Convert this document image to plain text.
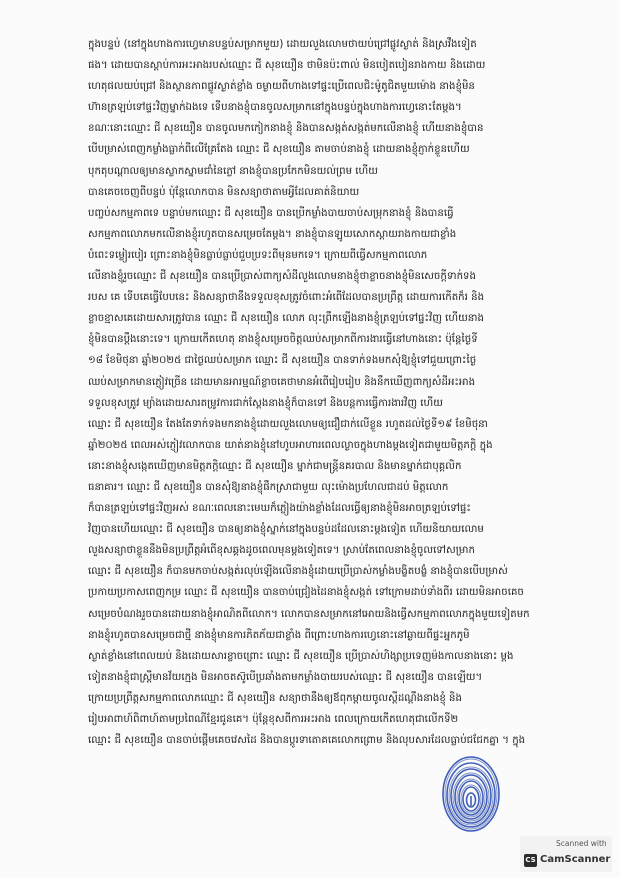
ក្នុងបន្ទប់ (នៅក្នុងហាងការហ្វេមានបន្ទប់សម្រាកមួយ) ដោយលួងលោមថាយប់ជ្រៅផ្លូវស្ងាត់ និងស្រវឹងទៀត
ផង។ ដោយបានស្តាប់ការអះអាងរបស់ឈ្មោះ ជី សុខយឿន ថាមិនប៉ះពាល់ មិនបៀតបៀនរាងកាយ និងដោយ
ហេតុផលយប់ជ្រៅ និងស្ថានភាពផ្លូវស្ងាត់ខ្លាំង ចម្ងាយពីហាងទៅផ្ទះប្រើពេលជិះម៉ូតូជិតមួយម៉ោង នាងខ្ញុំមិន
ហ៊ានត្រឡប់ទៅផ្ទះវិញម្នាក់ឯងទេ ទើបនាងខ្ញុំបានចូលសម្រាកនៅក្នុងបន្ទប់ក្នុងហាងការហ្វេនោះតែម្តង។
ខណៈនោះឈ្មោះ ជី សុខយឿន បានចូលមកកៀកនាងខ្ញុំ និងបានសង្កត់សង្កត់មកលើនាងខ្ញុំ ហើយនាងខ្ញុំបាន
បើបម្រាស់ពេញកម្លាំងធ្លាក់ពីលើគ្រែតែង ឈ្មោះ ជី សុខយឿន តាមចាប់នាងខ្ញុំ ដោយនាងខ្ញុំភ្ញាក់ខ្លួនហើយ
បុកតុបណ្តាលឲ្យមានស្លាកស្នាមជាំនៃភ្លៅ នាងខ្ញុំបានប្រកែកមិនយល់ព្រម ហើយ
បានគេចចេញពីបន្ទប់ ប៉ុន្តែលោកបាន មិនសន្យាថាតាមអ្វីដែលគាត់និយាយ
បញ្ចប់សកម្មភាពទេ បន្ទាប់មកឈ្មោះ ជី សុខយឿន បានប្រើកម្លាំងបាយចាប់សម្រុកនាងខ្ញុំ និងបានធ្វើ
សកម្មភាពលោភមកលើនាងខ្ញុំរហូតបានសម្រេចតែម្តង។ នាងខ្ញុំបានឡូយសោកស្តាយរាងកាយជាខ្លាំង
បំពេះទម្លៀរបៀរ ព្រោះនាងខ្ញុំមិនធ្លាប់ធ្លាប់ជួបប្រទះពីមុនមកទេ។ ក្រោយពីធ្វើសកម្មភាពលោភ
លើនាងខ្ញុំរួចឈ្មោះ ជី សុខយឿន បានប្រើប្រាស់ពាក្យសំដីលួងលោមនាងខ្ញុំថាខ្លាចនាងខ្ញុំមិនសេចក្តីទាក់ទង
របស គេ ទើបគេធ្វើបែបនេះ និងសន្យាថានឹងទទួលខុសត្រូវចំពោះអំពើដែលបានប្រព្រឹត្ត ដោយការកើតក៏រ និង
ខ្លាចខ្មាសគេដោយសារត្រូវបាន ឈ្មោះ ជី សុខយឿន លោភ លុះព្រឹកឡើងនាងខ្ញុំត្រឡប់ទៅផ្ទះវិញ ហើយនាង
ខ្ញុំមិនបានប្តឹងនោះទេ។ ក្រោយកើតហេតុ នាងខ្ញុំសម្រេចចិត្តឈប់សម្រាកពីការងារធ្វើនៅហាងនោះ ប៉ុន្តែថ្ងៃទី
១៨ ខែមិថុនា ឆ្នាំ២០២៥ ជាថ្ងៃឈប់សម្រាក ឈ្មោះ ជី សុខយឿន បានទាក់ទងមកសុំឱ្យខ្ញុំទៅជួយព្រោះថ្ងៃ
ឈប់សម្រាកមានភ្ញៀវច្រើន ដោយមានអារម្មណ៍ខ្លាចគេថាមានអំពើរៀបរៀប និងនឹកឃើញពាក្យសំដីអះអាង
ទទួលខុសត្រូវ ម្យ៉ាងដោយសារតម្រូវការជាក់ស្តែងនាងខ្ញុំក៏បានទៅ និងបន្តការធ្វើការងារវិញ ហើយ
ឈ្មោះ ជី សុខយឿន តែងតែទាក់ទងមកនាងខ្ញុំដោយលួងលោមឲ្យជឿជាក់លើខ្លួន រហូតដល់ថ្ងៃទី១៩ ខែមិថុនា
ឆ្នាំ២០២៥ ពេលអស់ភ្ញៀវលោកបាន យាត់នាងខ្ញុំនៅហូបអាហារពេលល្ងាចក្នុងហាងម្តងទៀតជាមួយមិត្តភក្តិ ក្នុង
នោះនាងខ្ញុំសង្កេតឃើញមានមិត្តភក្តិឈ្មោះ ជី សុខយឿន ម្នាក់ជាមន្ត្រីនគរបាល និងមានម្នាក់ជាបុគ្គលិក
ធនាគារ។ ឈ្មោះ ជី សុខយឿន បានសុំឱ្យនាងខ្ញុំផឹកស្រាជាមួយ លុះម៉ោងប្រហែលជាដប់ មិត្តលោក
ក៏បានត្រឡប់ទៅផ្ទះវិញអស់ ខណៈពេលនោះមេឃក៏ភ្លៀងយ៉ាងខ្លាំងដែលធ្វើឲ្យនាងខ្ញុំមិនអាចត្រឡប់ទៅផ្ទះ
វិញបានហើយឈ្មោះ ជី សុខយឿន បានឲ្យនាងខ្ញុំស្នាក់នៅក្នុងបន្ទប់ដដែលនោះម្តងទៀត ហើយនិយាយលោម
លួងសន្យាថាខ្លួននឹងមិនប្រព្រឹត្តអំពើខុសឆ្គងដូចពេលមុនម្តងទៀតទេ។ ស្រាប់តែពេលនាងខ្ញុំចូលទៅសម្រាក
ឈ្មោះ ជី សុខយឿន ក៏បានមកចាប់សង្កត់រលុប់ឡើងលើនាងខ្ញុំដោយប្រើប្រាស់កម្លាំងបង្ខិតបង្ខំ នាងខ្ញុំបានបើបម្រាស់
ប្រកាយប្រកាសពេញកម្រ ឈ្មោះ ជី សុខយឿន បានចាប់ជ្រៀងដៃនាងខ្ញុំសង្កត់ ទៅក្រោមដាប់ទាំងពីរ ដោយមិនអាចគេច
សម្រេចបំណងរួចបានដោយនាងខ្ញុំអាណិតពីលោក។ លោកបានសម្រាកនៅអោយនិងធ្វើសកម្មភាពលោភក្នុងមួយទៀតមក
នាងខ្ញុំរហូតបានសម្រេចជាថ្មី នាងខ្ញុំមានការភិតភ័យជាខ្លាំង ពីព្រោះហាងការហ្វេនោះនៅឆ្ងាយពីផ្ទះអ្នកភូមិ
ស្ងាត់ខ្លាំងនៅពេលយប់ និងដោយសារខ្លាចព្រោះ ឈ្មោះ ជី សុខយឿន ប្រើប្រាស់ហិង្សាប្រទេញម៉ងកាលនាងនោះ ម្តង
ទៀតនាងខ្ញុំជាស្ត្រីមានវ័យក្មេង មិនអាចតស៊ូបើប្រឆាំងតាមកម្លាំងបាយរបស់ឈ្មោះ ជី សុខយឿន បានឡើយ។
ក្រោយប្រព្រឹត្តសកម្មភាពលោភឈ្មោះ ជី សុខយឿន សន្យាថានឹងឲ្យឪពុកម្តាយចូលស្តីដណ្តឹងនាងខ្ញុំ និង
រៀបអាពាហ៍ពិពាហ៍តាមប្រពៃណីខ្មែរជូនគេ។ ប៉ុន្តែខុសពីការអះអាង ពេលក្រោយកើតហេតុជាលើកទី២
ឈ្មោះ ជី សុខយឿន បានចាប់ផ្តើមគេចវេសដៃ និងបានប្តូរទាតោគគេលោកព្រោម និងលុបសារដែលធ្លាប់ជជែកគ្នា ។ ក្នុង
Scanned with
CS CamScanner
